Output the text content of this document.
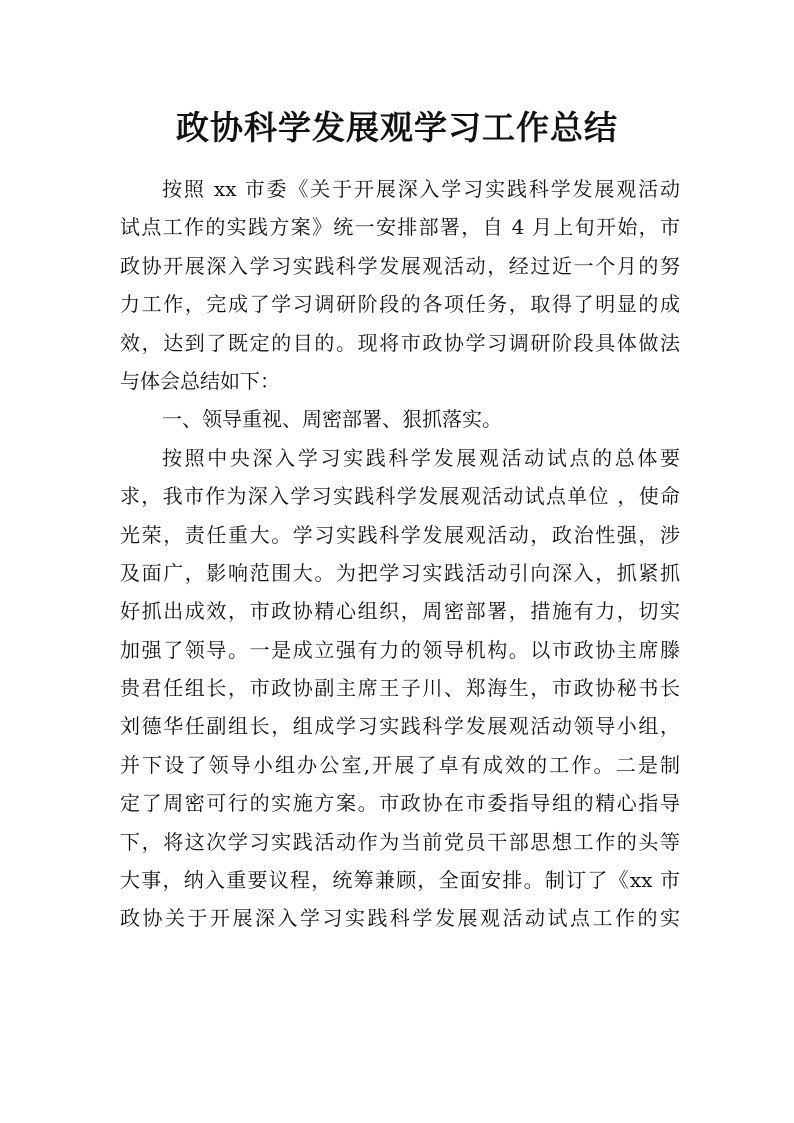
政协科学发展观学习工作总结
按照 xx 市委《关于开展深入学习实践科学发展观活动
试点工作的实践方案》统一安排部署，自 4 月上旬开始，市
政协开展深入学习实践科学发展观活动，经过近一个月的努
力工作，完成了学习调研阶段的各项任务，取得了明显的成
效，达到了既定的目的。现将市政协学习调研阶段具体做法
与体会总结如下：
一、领导重视、周密部署、狠抓落实。
按照中央深入学习实践科学发展观活动试点的总体要
求，我市作为深入学习实践科学发展观活动试点单位 ，使命
光荣，责任重大。学习实践科学发展观活动，政治性强，涉
及面广，影响范围大。为把学习实践活动引向深入，抓紧抓
好抓出成效，市政协精心组织，周密部署，措施有力，切实
加强了领导。一是成立强有力的领导机构。以市政协主席滕
贵君任组长，市政协副主席王子川、郑海生，市政协秘书长
刘德华任副组长，组成学习实践科学发展观活动领导小组，
并下设了领导小组办公室,开展了卓有成效的工作。二是制
定了周密可行的实施方案。市政协在市委指导组的精心指导
下，将这次学习实践活动作为当前党员干部思想工作的头等
大事，纳入重要议程，统筹兼顾，全面安排。制订了《xx 市
政协关于开展深入学习实践科学发展观活动试点工作的实
